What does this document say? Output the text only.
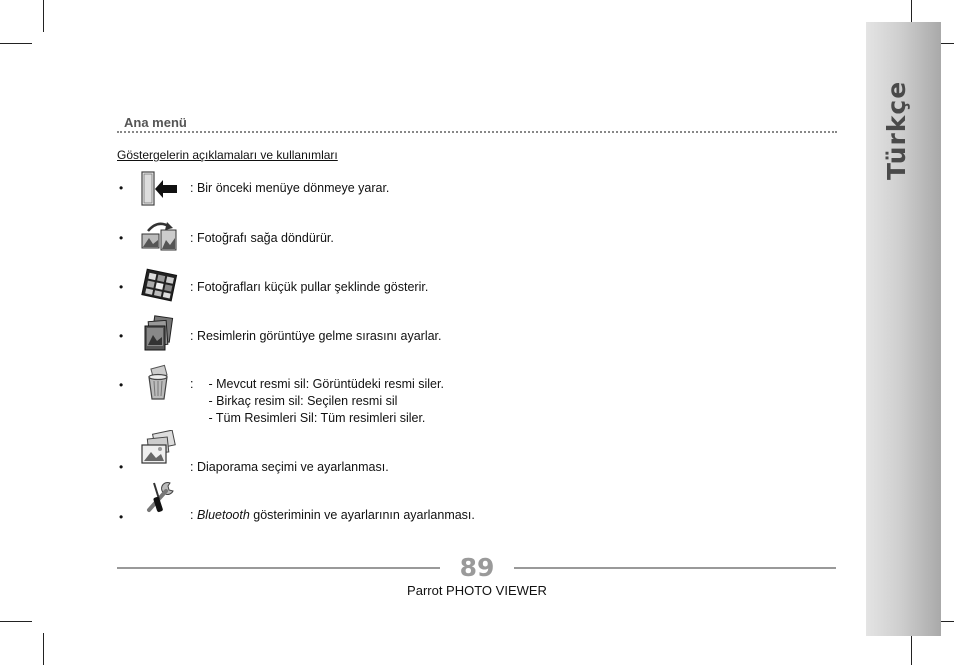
Türkçe
Ana menü
Göstergelerin açıklamaları ve kullanımları
•	: Bir önceki menüye dönmeye yarar.
•	: Fotoğrafı sağa döndürür.
•	: Fotoğrafları küçük pullar şeklinde gösterir.
•	: Resimlerin görüntüye gelme sırasını ayarlar.
•	: - Mevcut resmi sil: Görüntüdeki resmi siler.
- Birkaç resim sil: Seçilen resmi sil
- Tüm Resimleri Sil: Tüm resimleri siler.
•	: Diaporama seçimi ve ayarlanması.
•	: Bluetooth gösteriminin ve ayarlarının ayarlanması.
89
Parrot PHOTO VIEWER
